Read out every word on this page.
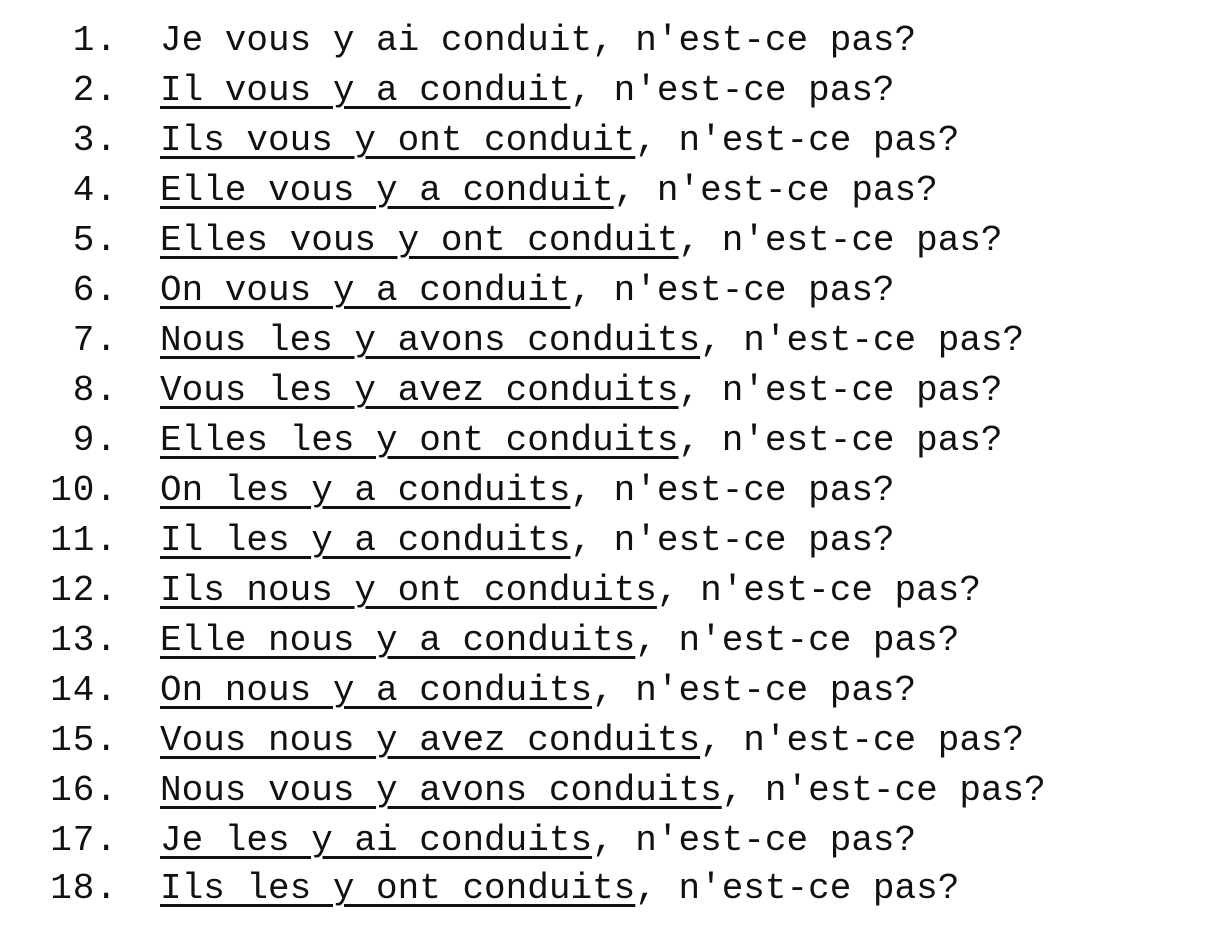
1. Je vous y ai conduit, n'est-ce pas?
2. Il vous y a conduit, n'est-ce pas?
3. Ils vous y ont conduit, n'est-ce pas?
4. Elle vous y a conduit, n'est-ce pas?
5. Elles vous y ont conduit, n'est-ce pas?
6. On vous y a conduit, n'est-ce pas?
7. Nous les y avons conduits, n'est-ce pas?
8. Vous les y avez conduits, n'est-ce pas?
9. Elles les y ont conduits, n'est-ce pas?
10. On les y a conduits, n'est-ce pas?
11. Il les y a conduits, n'est-ce pas?
12. Ils nous y ont conduits, n'est-ce pas?
13. Elle nous y a conduits, n'est-ce pas?
14. On nous y a conduits, n'est-ce pas?
15. Vous nous y avez conduits, n'est-ce pas?
16. Nous vous y avons conduits, n'est-ce pas?
17. Je les y ai conduits, n'est-ce pas?
18. Ils les y ont conduits, n'est-ce pas?
